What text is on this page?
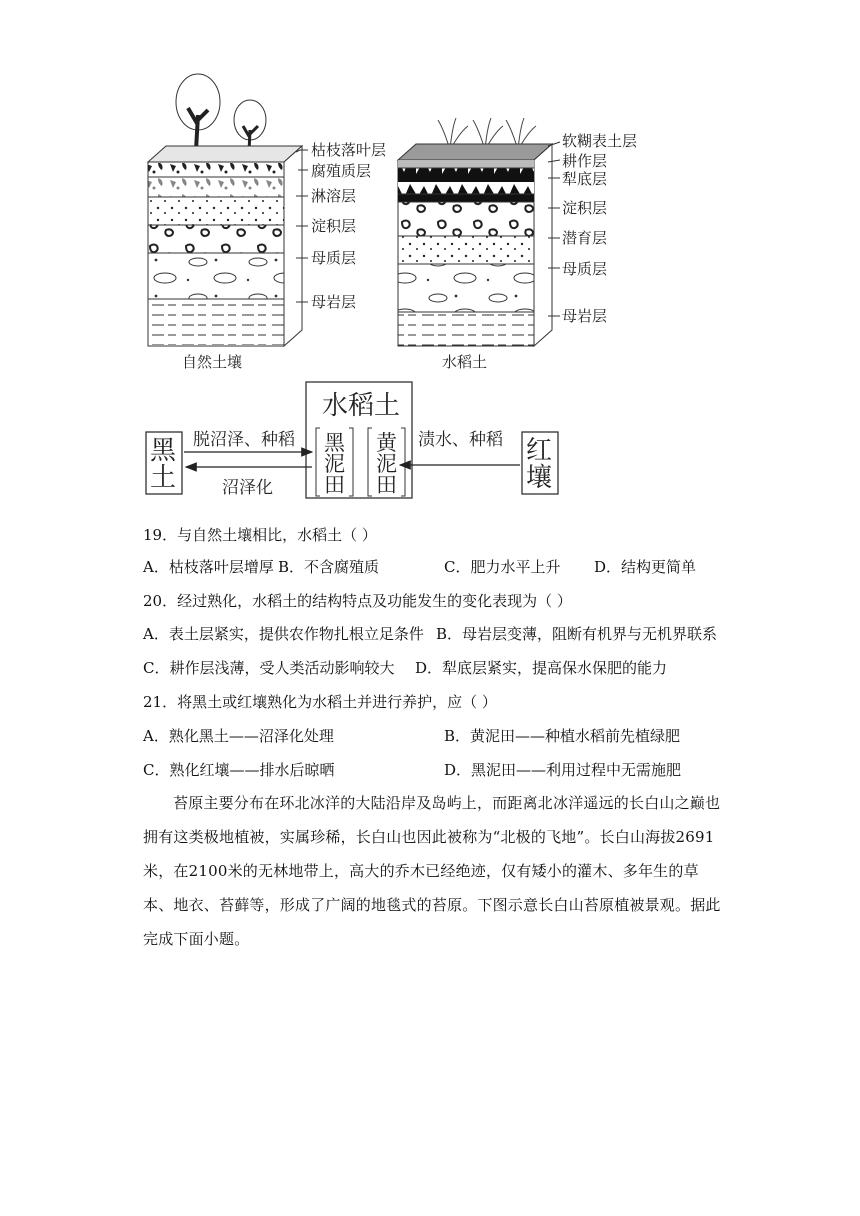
枯枝落叶层
腐殖质层
淋溶层
淀积层
母质层
母岩层
自然土壤
软糊表土层
耕作层
犁底层
淀积层
潜育层
母质层
母岩层
水稻土
水稻土
黑泥田
黄泥田
黑土
红壤
脱沼泽、种稻
沼泽化
渍水、种稻
19．与自然土壤相比，水稻土（ ）
A．枯枝落叶层增厚 B．不含腐殖质	C．肥力水平上升 D．结构更简单
20．经过熟化，水稻土的结构特点及功能发生的变化表现为（ ）
A．表土层紧实，提供农作物扎根立足条件 B．母岩层变薄，阻断有机界与无机界联系
C．耕作层浅薄，受人类活动影响较大 D．犁底层紧实，提高保水保肥的能力
21．将黑土或红壤熟化为水稻土并进行养护，应（ ）
A．熟化黑土——沼泽化处理	B．黄泥田——种植水稻前先植绿肥
C．熟化红壤——排水后晾晒	D．黑泥田——利用过程中无需施肥
苔原主要分布在环北冰洋的大陆沿岸及岛屿上，而距离北冰洋遥远的长白山之巅也拥有这类极地植被，实属珍稀，长白山也因此被称为“北极的飞地”。长白山海拔2691米，在2100米的无林地带上，高大的乔木已经绝迹，仅有矮小的灌木、多年生的草本、地衣、苔藓等，形成了广阔的地毯式的苔原。下图示意长白山苔原植被景观。据此完成下面小题。
